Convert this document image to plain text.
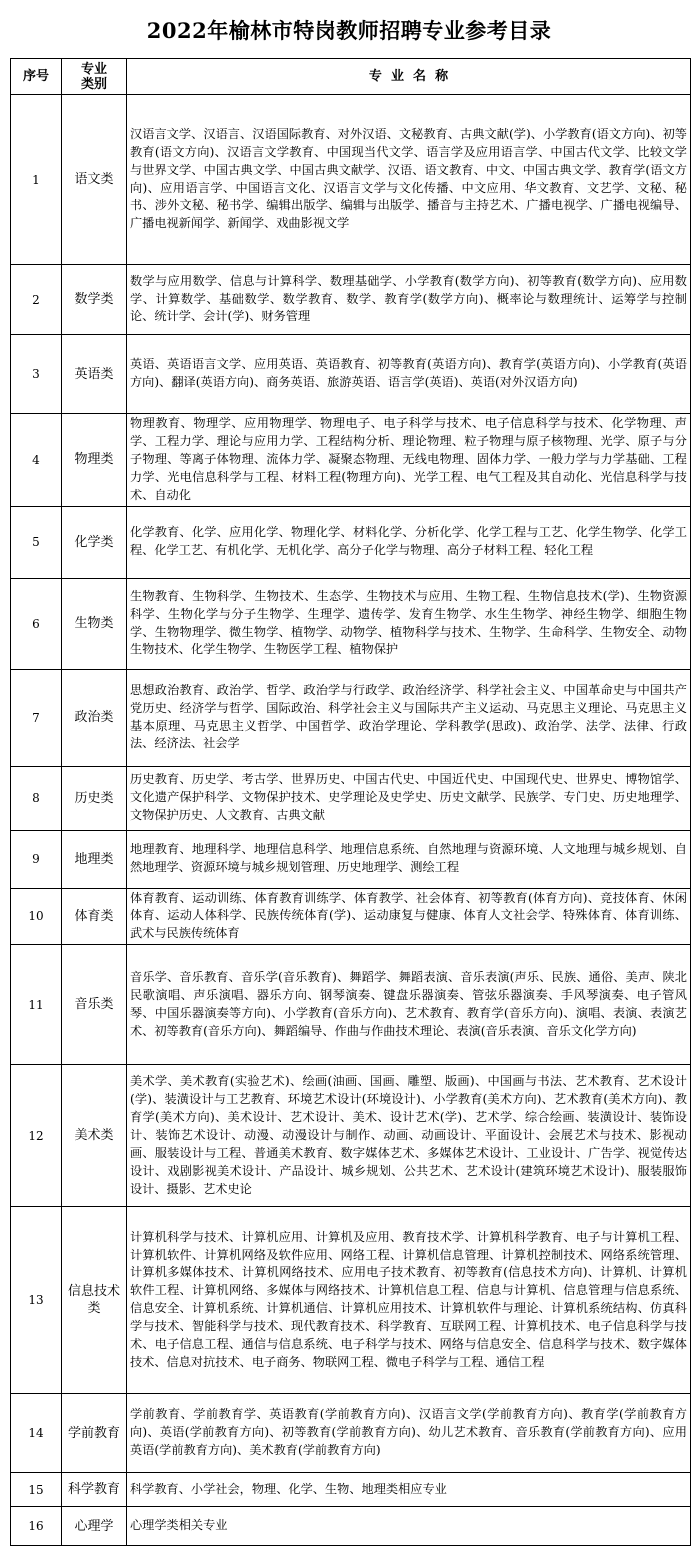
2022年榆林市特岗教师招聘专业参考目录
序号	专业类别	专  业  名  称
1	语文类	汉语言文学、汉语言、汉语国际教育、对外汉语、文秘教育、古典文献(学)、小学教育(语文方向)、初等教育(语文方向)、汉语言文学教育、中国现当代文学、语言学及应用语言学、中国古代文学、比较文学与世界文学、中国古典文学、中国古典文献学、汉语、语文教育、中文、中国古典文学、教育学(语文方向)、应用语言学、中国语言文化、汉语言文学与文化传播、中文应用、华文教育、文艺学、文秘、秘书、涉外文秘、秘书学、编辑出版学、编辑与出版学、播音与主持艺术、广播电视学、广播电视编导、广播电视新闻学、新闻学、戏曲影视文学

2	数学类	数学与应用数学、信息与计算科学、数理基础学、小学教育(数学方向)、初等教育(数学方向)、应用数学、计算数学、基础数学、数学教育、数学、教育学(数学方向)、概率论与数理统计、运筹学与控制论、统计学、会计(学)、财务管理

3	英语类	英语、英语语言文学、应用英语、英语教育、初等教育(英语方向)、教育学(英语方向)、小学教育(英语方向)、翻译(英语方向)、商务英语、旅游英语、语言学(英语)、英语(对外汉语方向)

4	物理类	物理教育、物理学、应用物理学、物理电子、电子科学与技术、电子信息科学与技术、化学物理、声学、工程力学、理论与应用力学、工程结构分析、理论物理、粒子物理与原子核物理、光学、原子与分子物理、等离子体物理、流体力学、凝聚态物理、无线电物理、固体力学、一般力学与力学基础、工程力学、光电信息科学与工程、材料工程(物理方向)、光学工程、电气工程及其自动化、光信息科学与技术、自动化

5	化学类	化学教育、化学、应用化学、物理化学、材料化学、分析化学、化学工程与工艺、化学生物学、化学工程、化学工艺、有机化学、无机化学、高分子化学与物理、高分子材料工程、轻化工程

6	生物类	生物教育、生物科学、生物技术、生态学、生物技术与应用、生物工程、生物信息技术(学)、生物资源科学、生物化学与分子生物学、生理学、遗传学、发育生物学、水生生物学、神经生物学、细胞生物学、生物物理学、微生物学、植物学、动物学、植物科学与技术、生物学、生命科学、生物安全、动物生物技术、化学生物学、生物医学工程、植物保护

7	政治类	思想政治教育、政治学、哲学、政治学与行政学、政治经济学、科学社会主义、中国革命史与中国共产党历史、经济学与哲学、国际政治、科学社会主义与国际共产主义运动、马克思主义理论、马克思主义基本原理、马克思主义哲学、中国哲学、政治学理论、学科教学(思政)、政治学、法学、法律、行政法、经济法、社会学

8	历史类	历史教育、历史学、考古学、世界历史、中国古代史、中国近代史、中国现代史、世界史、博物馆学、文化遗产保护科学、文物保护技术、史学理论及史学史、历史文献学、民族学、专门史、历史地理学、文物保护历史、人文教育、古典文献

9	地理类	地理教育、地理科学、地理信息科学、地理信息系统、自然地理与资源环境、人文地理与城乡规划、自然地理学、资源环境与城乡规划管理、历史地理学、测绘工程

10	体育类	体育教育、运动训练、体育教育训练学、体育教学、社会体育、初等教育(体育方向)、竞技体育、休闲体育、运动人体科学、民族传统体育(学)、运动康复与健康、体育人文社会学、特殊体育、体育训练、武术与民族传统体育

11	音乐类	音乐学、音乐教育、音乐学(音乐教育)、舞蹈学、舞蹈表演、音乐表演(声乐、民族、通俗、美声、陕北民歌演唱、声乐演唱、器乐方向、钢琴演奏、键盘乐器演奏、管弦乐器演奏、手风琴演奏、电子管风琴、中国乐器演奏等方向)、小学教育(音乐方向)、艺术教育、教育学(音乐方向)、演唱、表演、表演艺术、初等教育(音乐方向)、舞蹈编导、作曲与作曲技术理论、表演(音乐表演、音乐文化学方向)

12	美术类	美术学、美术教育(实验艺术)、绘画(油画、国画、雕塑、版画)、中国画与书法、艺术教育、艺术设计(学)、装潢设计与工艺教育、环境艺术设计(环境设计)、小学教育(美术方向)、艺术教育(美术方向)、教育学(美术方向)、美术设计、艺术设计、美术、设计艺术(学)、艺术学、综合绘画、装潢设计、装饰设计、装饰艺术设计、动漫、动漫设计与制作、动画、动画设计、平面设计、会展艺术与技术、影视动画、服装设计与工程、普通美术教育、数字媒体艺术、多媒体艺术设计、工业设计、广告学、视觉传达设计、戏剧影视美术设计、产品设计、城乡规划、公共艺术、艺术设计(建筑环境艺术设计)、服装服饰设计、摄影、艺术史论

13	信息技术类	计算机科学与技术、计算机应用、计算机及应用、教育技术学、计算机科学教育、电子与计算机工程、计算机软件、计算机网络及软件应用、网络工程、计算机信息管理、计算机控制技术、网络系统管理、计算机多媒体技术、计算机网络技术、应用电子技术教育、初等教育(信息技术方向)、计算机、计算机软件工程、计算机网络、多媒体与网络技术、计算机信息工程、信息与计算机、信息管理与信息系统、信息安全、计算机系统、计算机通信、计算机应用技术、计算机软件与理论、计算机系统结构、仿真科学与技术、智能科学与技术、现代教育技术、科学教育、互联网工程、计算机技术、电子信息科学与技术、电子信息工程、通信与信息系统、电子科学与技术、网络与信息安全、信息科学与技术、数字媒体技术、信息对抗技术、电子商务、物联网工程、微电子科学与工程、通信工程

14	学前教育	学前教育、学前教育学、英语教育(学前教育方向)、汉语言文学(学前教育方向)、教育学(学前教育方向)、英语(学前教育方向)、初等教育(学前教育方向)、幼儿艺术教育、音乐教育(学前教育方向)、应用英语(学前教育方向)、美术教育(学前教育方向)

15	科学教育	科学教育、小学社会，物理、化学、生物、地理类相应专业

16	心理学	心理学类相关专业
